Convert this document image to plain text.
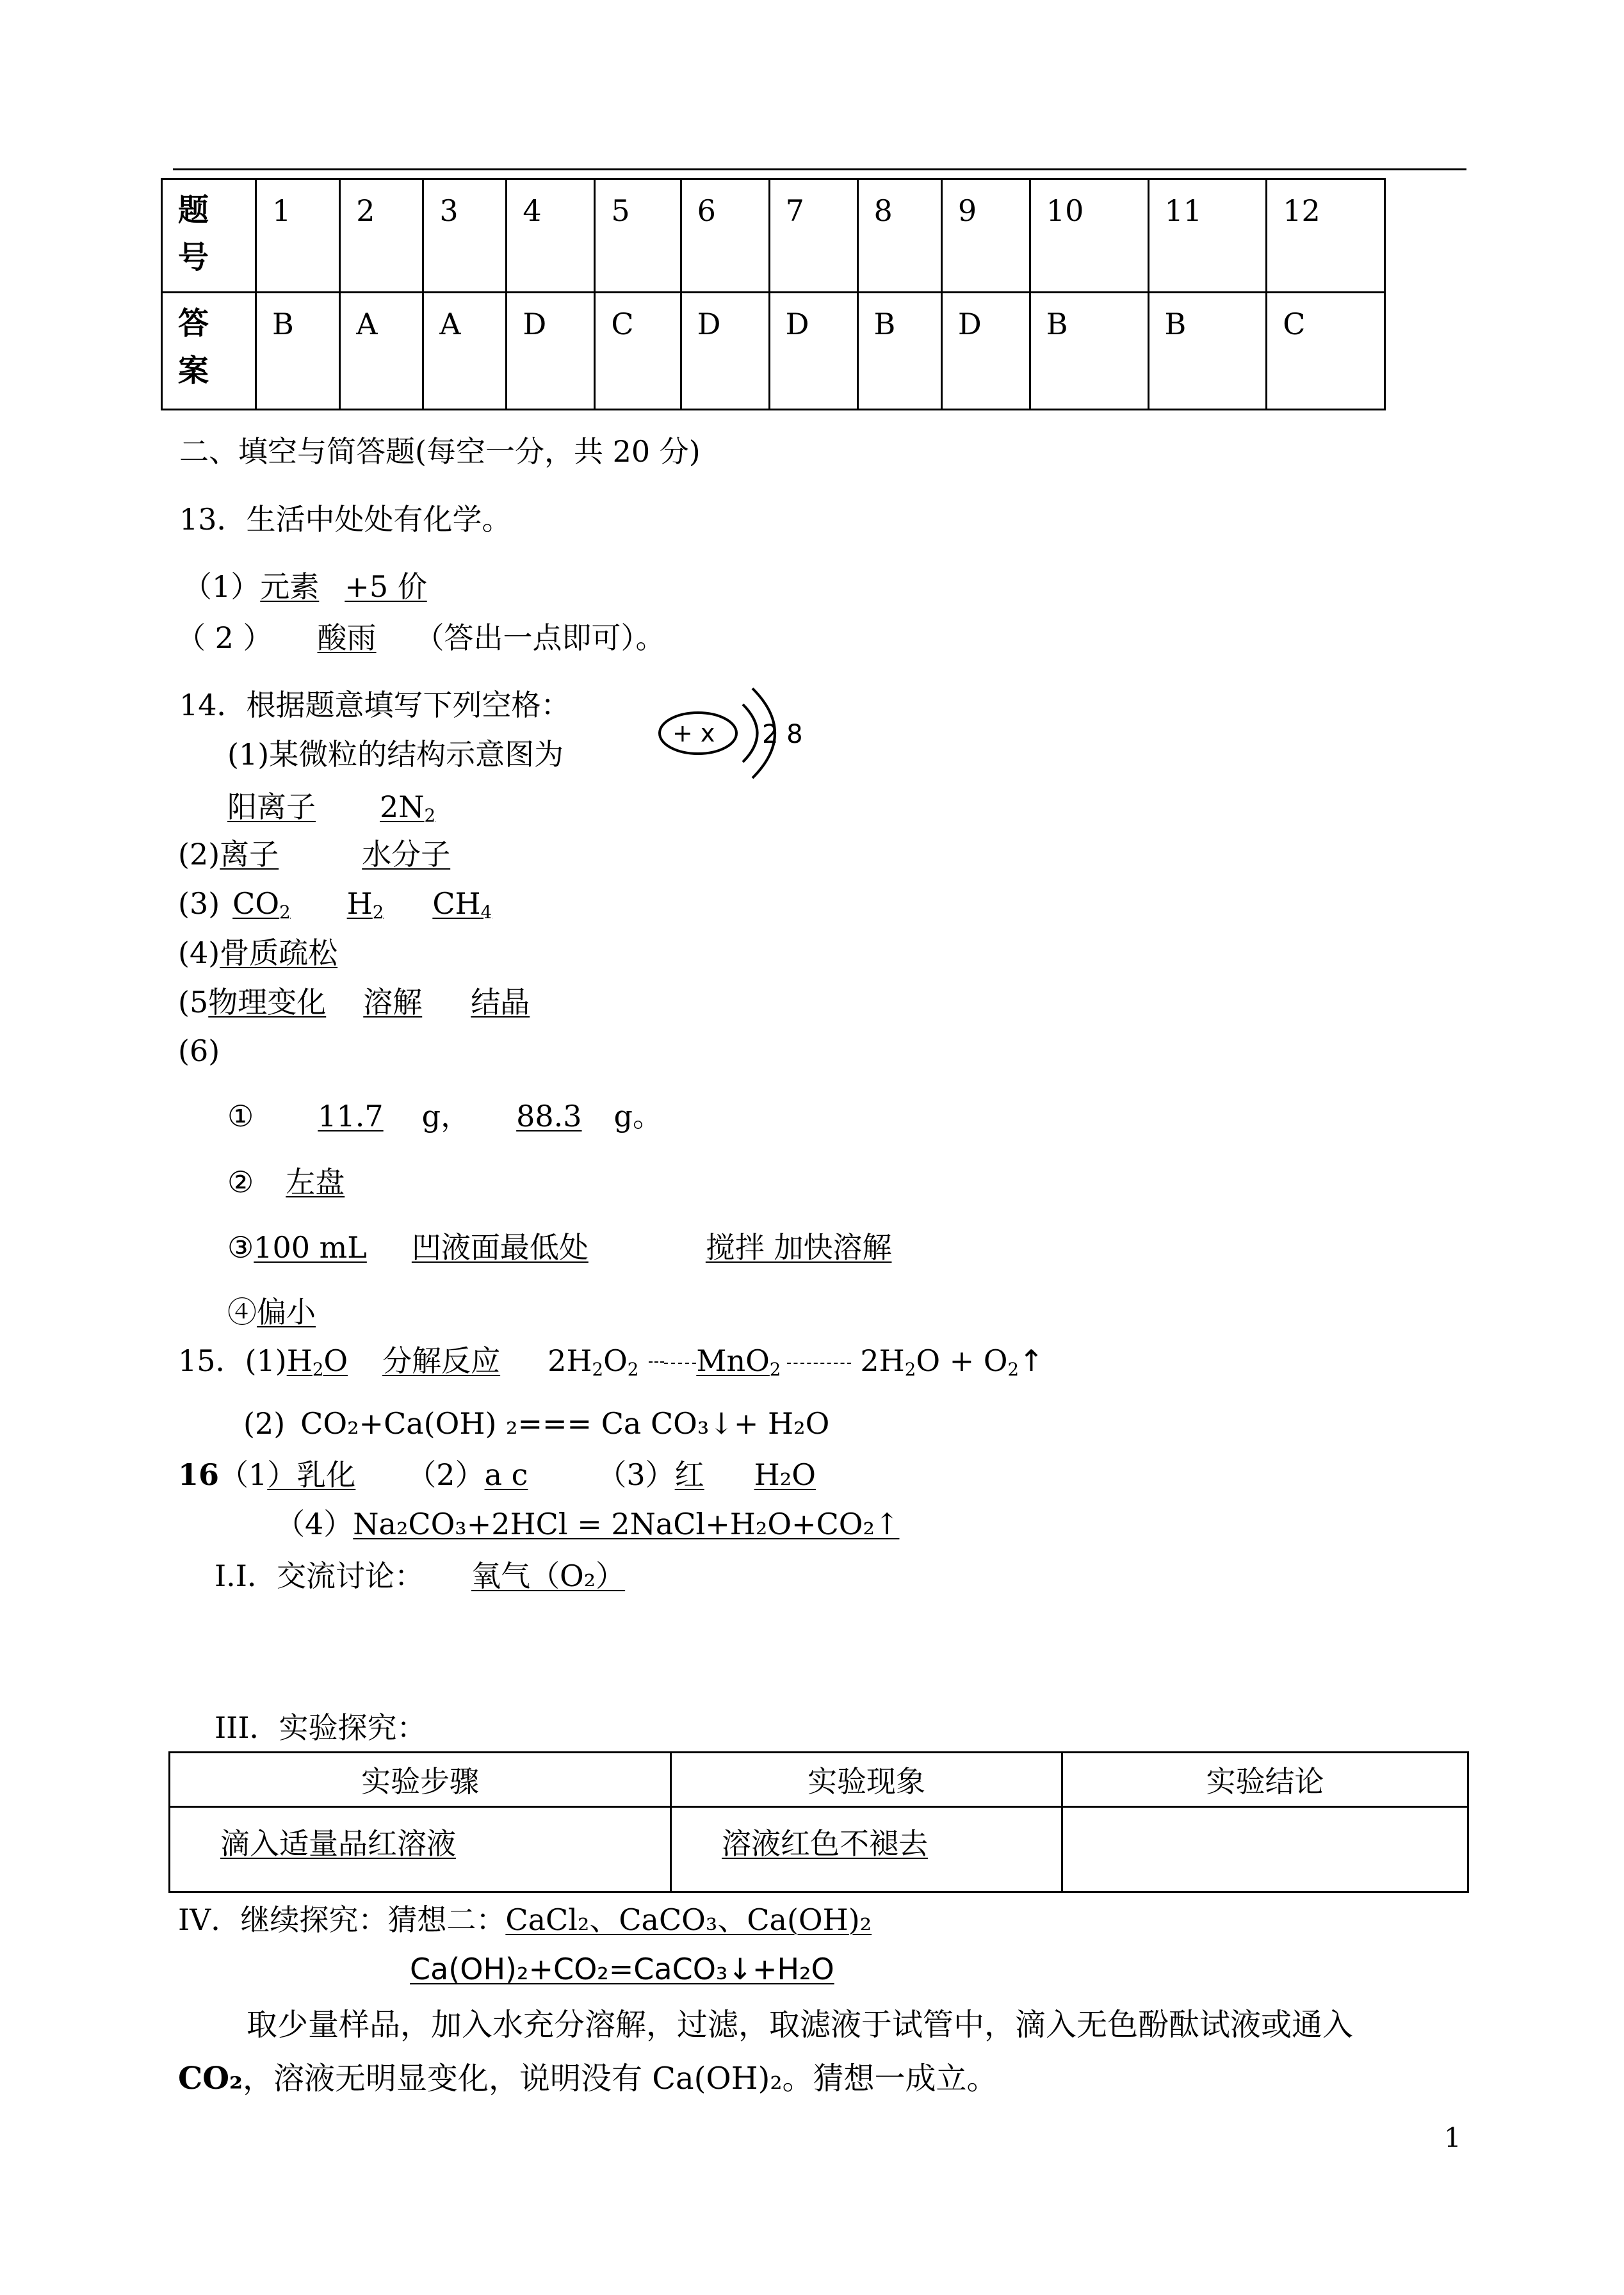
题
号	1	2	3	4	5	6	7	8	9	10	11	12

答
案	B	A	A	D	C	D	D	B	D	B	B	C
二、填空与简答题(每空一分，共 20 分)
13．生活中处处有化学。
（1）元素 +5 价
（ 2 ） 酸雨 （答出一点即可）。
14．根据题意填写下列空格：
(1)某微粒的结构示意图为
+ x 2 8
阳离子 $2N_2$
(2)离子	水分子
(3) $CO_2$ $H_2$ $CH_4$
(4)骨质疏松
(5物理变化 溶解 结晶
(6)
① 11.7 g， 88.3 g。
② 左盘
③100 mL 凹液面最低处	搅拌 加快溶解
④偏小
15．$(1)H_2O$ 分解反应 $2H_2O_2$ MnO$_2$	$2H_2O$ + $O_2↑$
(2) CO₂+Ca(OH) ₂=== Ca CO₃↓+ H₂O
16（1）乳化 （2）a c （3）红 H₂O
（4）Na₂CO₃+2HCl = 2NaCl+H₂O+CO₂↑
I.I．交流讨论： 氧气（O₂）
III．实验探究：
实验步骤	实验现象	实验结论
滴入适量品红溶液	溶液红色不褪去	
IV．继续探究：猜想二：CaCl₂、CaCO₃、Ca(OH)₂
Ca(OH)₂+CO₂=CaCO₃↓+H₂O
取少量样品，加入水充分溶解，过滤，取滤液于试管中，滴入无色酚酞试液或通入
CO₂，溶液无明显变化，说明没有 Ca(OH)₂。猜想一成立。
1
